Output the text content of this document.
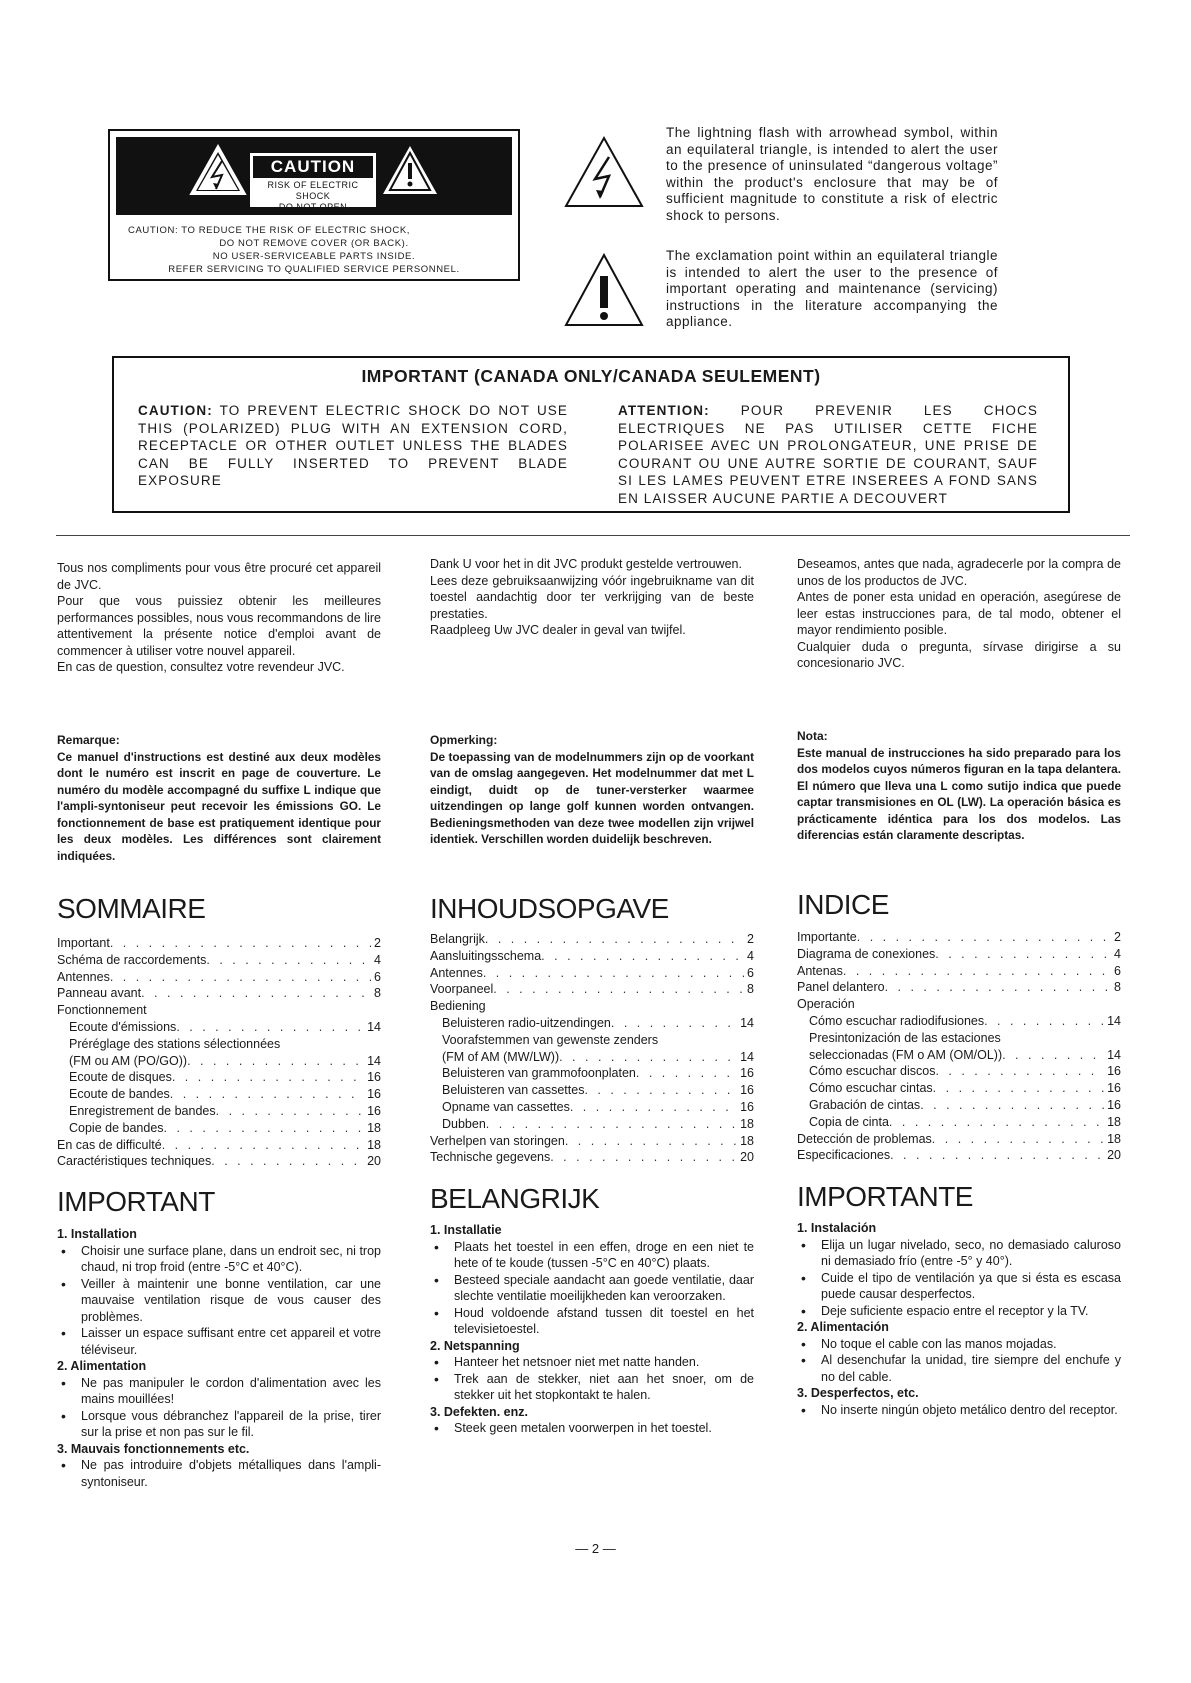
CAUTION
RISK OF ELECTRIC SHOCK
DO NOT OPEN
CAUTION: TO REDUCE THE RISK OF ELECTRIC SHOCK,
DO NOT REMOVE COVER (OR BACK).
NO USER-SERVICEABLE PARTS INSIDE.
REFER SERVICING TO QUALIFIED SERVICE PERSONNEL.
The lightning flash with arrowhead symbol, within an equilateral triangle, is intended to alert the user to the presence of uninsulated “dangerous voltage” within the product's enclosure that may be of sufficient magnitude to constitute a risk of electric shock to persons.
The exclamation point within an equilateral triangle is intended to alert the user to the presence of important operating and maintenance (servicing) instructions in the literature accompanying the appliance.
IMPORTANT (CANADA ONLY/CANADA SEULEMENT)
CAUTION: TO PREVENT ELECTRIC SHOCK DO NOT USE THIS (POLARIZED) PLUG WITH AN EXTENSION CORD, RECEPTACLE OR OTHER OUTLET UNLESS THE BLADES CAN BE FULLY INSERTED TO PREVENT BLADE EXPOSURE
ATTENTION: POUR PREVENIR LES CHOCS ELECTRIQUES NE PAS UTILISER CETTE FICHE POLARISEE AVEC UN PROLONGATEUR, UNE PRISE DE COURANT OU UNE AUTRE SORTIE DE COURANT, SAUF SI LES LAMES PEUVENT ETRE INSEREES A FOND SANS EN LAISSER AUCUNE PARTIE A DECOUVERT

Tous nos compliments pour vous être procuré cet appareil de JVC.

Pour que vous puissiez obtenir les meilleures performances possibles, nous vous recommandons de lire attentivement la présente notice d'emploi avant de commencer à utiliser votre nouvel appareil.

En cas de question, consultez votre revendeur JVC.

Dank U voor het in dit JVC produkt gestelde vertrouwen.

Lees deze gebruiksaanwijzing vóór ingebruikname van dit toestel aandachtig door ter verkrijging van de beste prestaties.

Raadpleeg Uw JVC dealer in geval van twijfel.

Deseamos, antes que nada, agradecerle por la compra de unos de los productos de JVC.

Antes de poner esta unidad en operación, asegúrese de leer estas instrucciones para, de tal modo, obtener el mayor rendimiento posible.

Cualquier duda o pregunta, sírvase dirigirse a su concesionario JVC.

Remarque:
Ce manuel d'instructions est destiné aux deux modèles dont le numéro est inscrit en page de couverture. Le numéro du modèle accompagné du suffixe L indique que l'ampli-syntoniseur peut recevoir les émissions GO. Le fonctionnement de base est pratiquement identique pour les deux modèles. Les différences sont clairement indiquées.
Opmerking:
De toepassing van de modelnummers zijn op de voorkant van de omslag aangegeven. Het modelnummer dat met L eindigt, duidt op de tuner-versterker waarmee uitzendingen op lange golf kunnen worden ontvangen. Bedieningsmethoden van deze twee modellen zijn vrijwel identiek. Verschillen worden duidelijk beschreven.
Nota:
Este manual de instrucciones ha sido preparado para los dos modelos cuyos números figuran en la tapa delantera. El número que lleva una L como sutijo indica que puede captar transmisiones en OL (LW). La operación básica es prácticamente idéntica para los dos modelos. Las diferencias están claramente descriptas.
SOMMAIRE	INHOUDSOPGAVE	INDICE
Important . . .	2
Schéma de raccordements . . .	4
Antennes . . .	6
Panneau avant . . .	8
Fonctionnement
Ecoute d'émissions . . .	14
Préréglage des stations sélectionnées
(FM ou AM (PO/GO)) . . .	14
Ecoute de disques . . .	16
Ecoute de bandes . . .	16
Enregistrement de bandes . . .	16
Copie de bandes . . .	18
En cas de difficulté . . .	18
Caractéristiques techniques . . .	20
Belangrijk . . .	2
Aansluitingsschema . . .	4
Antennes . . .	6
Voorpaneel . . .	8
Bediening
Beluisteren radio-uitzendingen . . .	14
Voorafstemmen van gewenste zenders
(FM of AM (MW/LW)) . . .	14
Beluisteren van grammofoonplaten . . .	16
Beluisteren van cassettes . . .	16
Opname van cassettes . . .	16
Dubben . . .	18
Verhelpen van storingen . . .	18
Technische gegevens . . .	20
Importante . . .	2
Diagrama de conexiones . . .	4
Antenas . . .	6
Panel delantero . . .	8
Operación
Cómo escuchar radiodifusiones . . .	14
Presintonización de las estaciones
seleccionadas (FM o AM (OM/OL)) . . .	14
Cómo escuchar discos . . .	16
Cómo escuchar cintas . . .	16
Grabación de cintas . . .	16
Copia de cinta . . .	18
Detección de problemas . . .	18
Especificaciones . . .	20
IMPORTANT	BELANGRIJK	IMPORTANTE
1. Installation
• Choisir une surface plane, dans un endroit sec, ni trop chaud, ni trop froid (entre -5°C et 40°C).
• Veiller à maintenir une bonne ventilation, car une mauvaise ventilation risque de vous causer des problèmes.
• Laisser un espace suffisant entre cet appareil et votre téléviseur.
2. Alimentation
• Ne pas manipuler le cordon d'alimentation avec les mains mouillées!
• Lorsque vous débranchez l'appareil de la prise, tirer sur la prise et non pas sur le fil.
3. Mauvais fonctionnements etc.
• Ne pas introduire d'objets métalliques dans l'ampli-syntoniseur.
1. Installatie
• Plaats het toestel in een effen, droge en een niet te hete of te koude (tussen -5°C en 40°C) plaats.
• Besteed speciale aandacht aan goede ventilatie, daar slechte ventilatie moeilijkheden kan veroorzaken.
• Houd voldoende afstand tussen dit toestel en het televisietoestel.
2. Netspanning
• Hanteer het netsnoer niet met natte handen.
• Trek aan de stekker, niet aan het snoer, om de stekker uit het stopkontakt te halen.
3. Defekten. enz.
• Steek geen metalen voorwerpen in het toestel.
1. Instalación
• Elija un lugar nivelado, seco, no demasiado caluroso ni demasiado frío (entre -5° y 40°).
• Cuide el tipo de ventilación ya que si ésta es escasa puede causar desperfectos.
• Deje suficiente espacio entre el receptor y la TV.
2. Alimentación
• No toque el cable con las manos mojadas.
• Al desenchufar la unidad, tire siempre del enchufe y no del cable.
3. Desperfectos, etc.
• No inserte ningún objeto metálico dentro del receptor.
— 2 —
